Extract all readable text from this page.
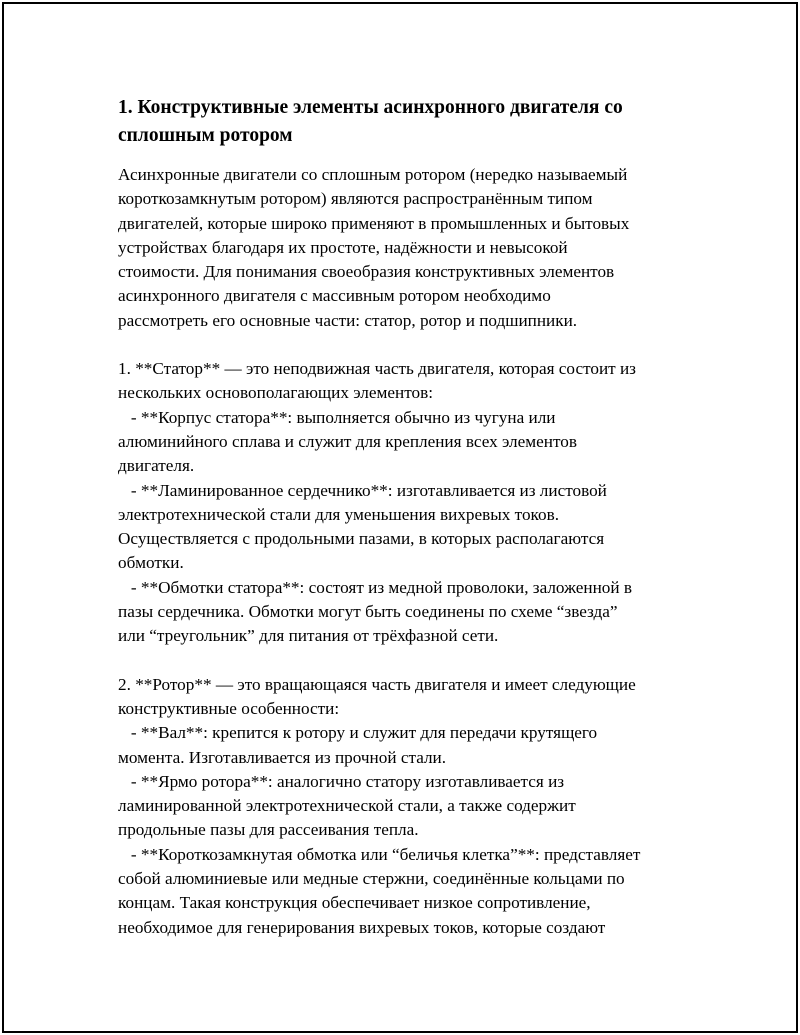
1. Конструктивные элементы асинхронного двигателя со
сплошным ротором

Асинхронные двигатели со сплошным ротором (нередко называемый
короткозамкнутым ротором) являются распространённым типом
двигателей, которые широко применяют в промышленных и бытовых
устройствах благодаря их простоте, надёжности и невысокой
стоимости. Для понимания своеобразия конструктивных элементов
асинхронного двигателя с массивным ротором необходимо
рассмотреть его основные части: статор, ротор и подшипники.

1. **Статор** — это неподвижная часть двигателя, которая состоит из
нескольких основополагающих элементов:
- **Корпус статора**: выполняется обычно из чугуна или
алюминийного сплава и служит для крепления всех элементов
двигателя.
- **Ламинированное сердечнико**: изготавливается из листовой
электротехнической стали для уменьшения вихревых токов.
Осуществляется с продольными пазами, в которых располагаются
обмотки.
- **Обмотки статора**: состоят из медной проволоки, заложенной в
пазы сердечника. Обмотки могут быть соединены по схеме “звезда”
или “треугольник” для питания от трёхфазной сети.

2. **Ротор** — это вращающаяся часть двигателя и имеет следующие
конструктивные особенности:
- **Вал**: крепится к ротору и служит для передачи крутящего
момента. Изготавливается из прочной стали.
- **Ярмо ротора**: аналогично статору изготавливается из
ламинированной электротехнической стали, а также содержит
продольные пазы для рассеивания тепла.
- **Короткозамкнутая обмотка или “беличья клетка”**: представляет
собой алюминиевые или медные стержни, соединённые кольцами по
концам. Такая конструкция обеспечивает низкое сопротивление,
необходимое для генерирования вихревых токов, которые создают
